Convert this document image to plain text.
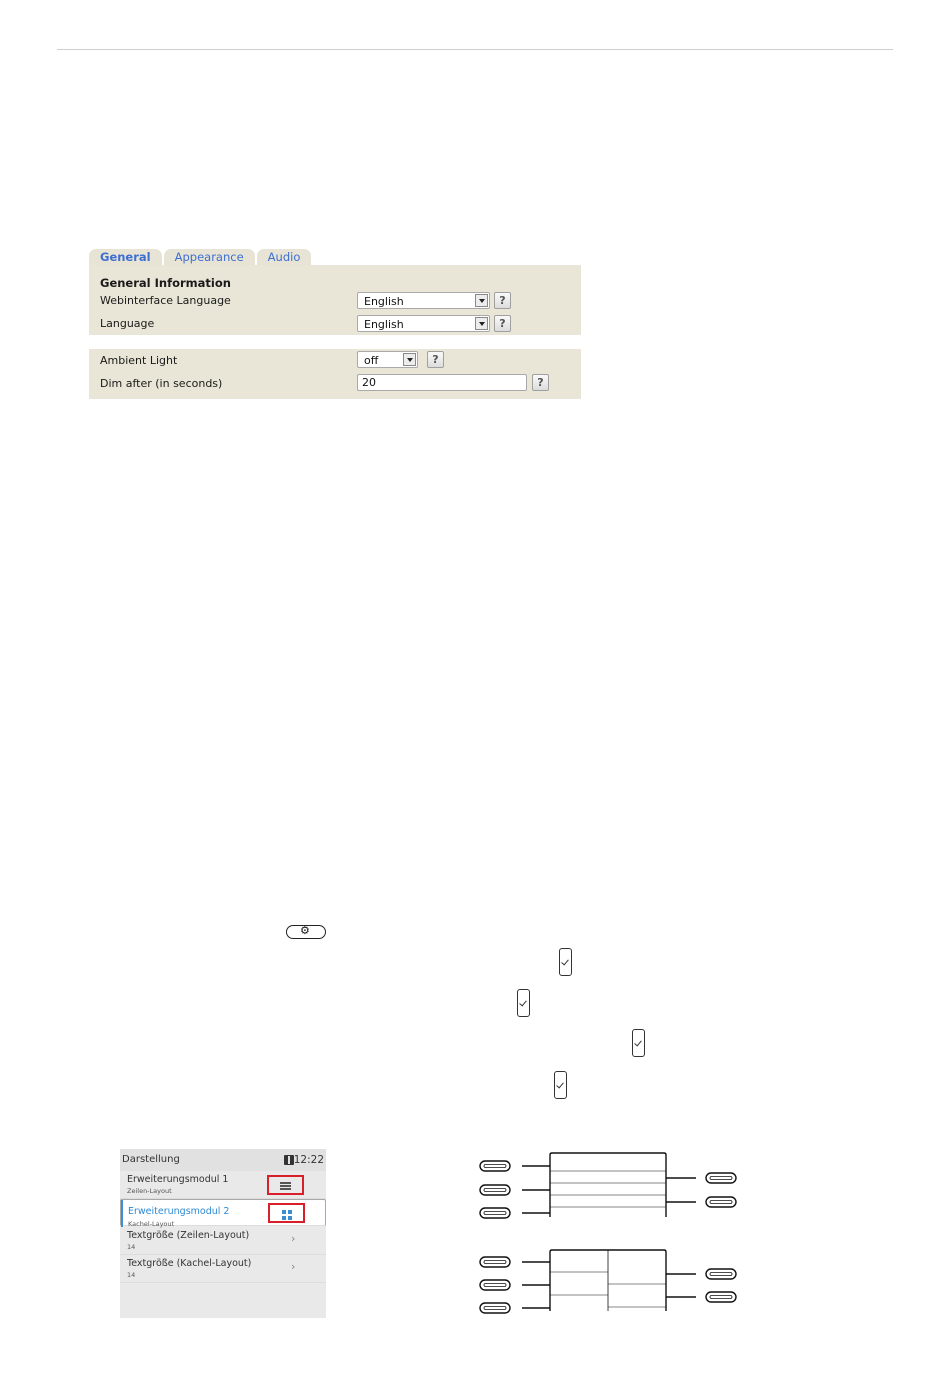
General	Appearance	Audio
General Information
Webinterface Language	English	?
Language	English	?
Ambient Light	off	?
Dim after (in seconds)	20	?
⚙
Darstellung	12:22
Erweiterungsmodul 1
Zeilen-Layout
Erweiterungsmodul 2
Kachel-Layout
Textgröße (Zeilen-Layout)
14
›
Textgröße (Kachel-Layout)
14
›
